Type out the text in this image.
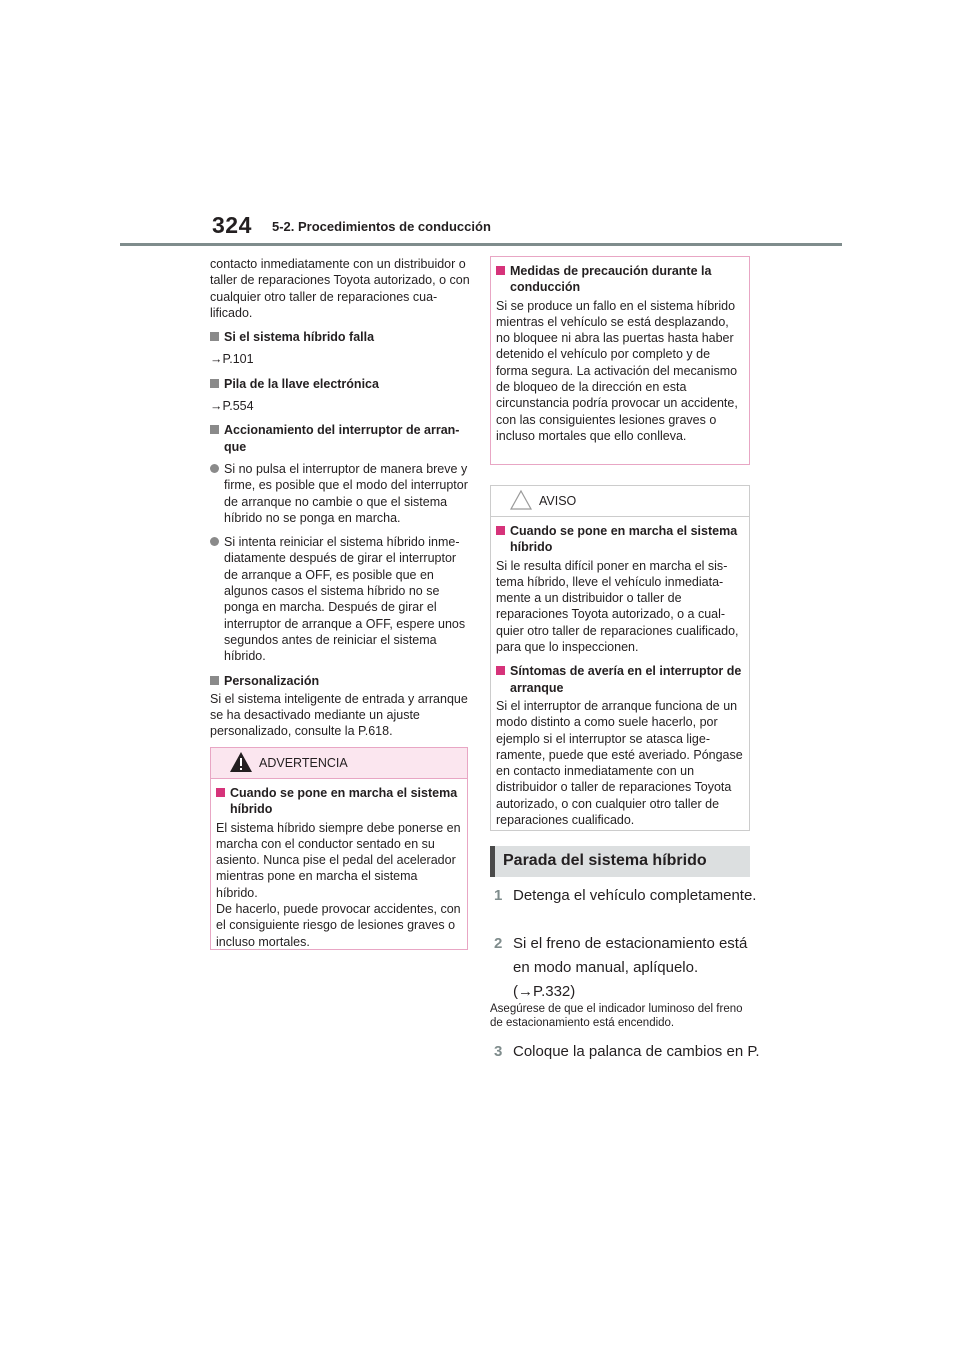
324 5-2. Procedimientos de conducción

contacto inmediatamente con un distribuidor o taller de reparaciones Toyota autorizado, o con cualquier otro taller de reparaciones cualificado.

Si el sistema híbrido falla

→P.101

Pila de la llave electrónica

→P.554

Accionamiento del interruptor de arranque
Si no pulsa el interruptor de manera breve y firme, es posible que el modo del interruptor de arranque no cambie o que el sistema híbrido no se ponga en marcha.
Si intenta reiniciar el sistema híbrido inmediatamente después de girar el interruptor de arranque a OFF, es posible que en algunos casos el sistema híbrido no se ponga en marcha. Después de girar el interruptor de arranque a OFF, espere unos segundos antes de reiniciar el sistema híbrido.
Personalización

Si el sistema inteligente de entrada y arranque se ha desactivado mediante un ajuste personalizado, consulte la P.618.

ADVERTENCIA
Cuando se pone en marcha el sistema híbrido

El sistema híbrido siempre debe ponerse en marcha con el conductor sentado en su asiento. Nunca pise el pedal del acelerador mientras pone en marcha el sistema híbrido.
De hacerlo, puede provocar accidentes, con el consiguiente riesgo de lesiones graves o incluso mortales.

Medidas de precaución durante la conducción

Si se produce un fallo en el sistema híbrido mientras el vehículo se está desplazando, no bloquee ni abra las puertas hasta haber detenido el vehículo por completo y de forma segura. La activación del mecanismo de bloqueo de la dirección en esta circunstancia podría provocar un accidente, con las consiguientes lesiones graves o incluso mortales que ello conlleva.

AVISO
Cuando se pone en marcha el sistema híbrido

Si le resulta difícil poner en marcha el sistema híbrido, lleve el vehículo inmediatamente a un distribuidor o taller de reparaciones Toyota autorizado, o a cualquier otro taller de reparaciones cualificado, para que lo inspeccionen.

Síntomas de avería en el interruptor de arranque

Si el interruptor de arranque funciona de un modo distinto a como suele hacerlo, por ejemplo si el interruptor se atasca ligeramente, puede que esté averiado. Póngase en contacto inmediatamente con un distribuidor o taller de reparaciones Toyota autorizado, o con cualquier otro taller de reparaciones cualificado.

Parada del sistema híbrido
1 Detenga el vehículo completamente.
2 Si el freno de estacionamiento está en modo manual, aplíquelo. (→P.332)
Asegúrese de que el indicador luminoso del freno de estacionamiento está encendido.
3 Coloque la palanca de cambios en P.
